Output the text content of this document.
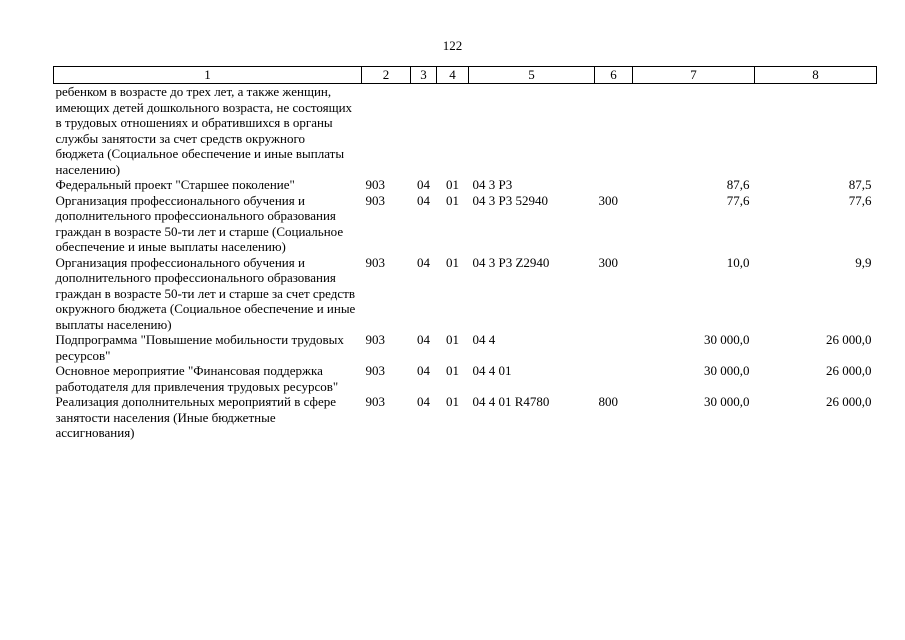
122
1	2	3	4	5	6	7	8
ребенком в возрасте до трех лет, а также женщин, имеющих детей дошкольного возраста, не состоящих в трудовых отношениях и обратившихся в органы службы занятости за счет средств окружного бюджета (Социальное обеспечение и иные выплаты населению)							
Федеральный проект "Старшее поколение"	903	04	01	04 3 P3		87,6	87,5
Организация профессионального обучения и дополнительного профессионального образования граждан в возрасте 50-ти лет и старше (Социальное обеспечение и иные выплаты населению)	903	04	01	04 3 P3 52940	300	77,6	77,6
Организация профессионального обучения и дополнительного профессионального образования граждан в возрасте 50-ти лет и старше за счет средств окружного бюджета (Социальное обеспечение и иные выплаты населению)	903	04	01	04 3 P3 Z2940	300	10,0	9,9
Подпрограмма "Повышение мобильности трудовых ресурсов"	903	04	01	04 4		30 000,0	26 000,0
Основное мероприятие "Финансовая поддержка работодателя для привлечения трудовых ресурсов"	903	04	01	04 4 01		30 000,0	26 000,0
Реализация дополнительных мероприятий в сфере занятости населения (Иные бюджетные ассигнования)	903	04	01	04 4 01 R4780	800	30 000,0	26 000,0
